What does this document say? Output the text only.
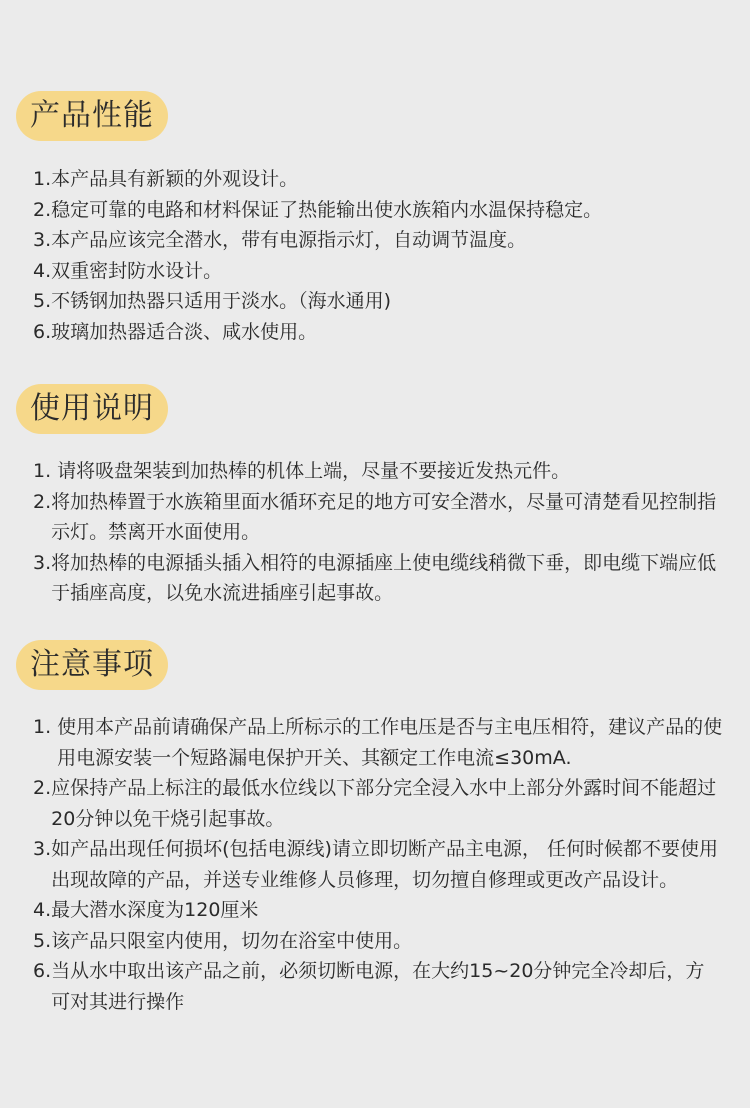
产品性能
1. 本产品具有新颖的外观设计。
2. 稳定可靠的电路和材料保证了热能输出使水族箱内水温保持稳定。
3. 本产品应该完全潜水，带有电源指示灯，自动调节温度。
4. 双重密封防水设计。
5. 不锈钢加热器只适用于淡水。（海水通用)
6. 玻璃加热器适合淡、咸水使用。
使用说明
1. 请将吸盘架装到加热棒的机体上端，尽量不要接近发热元件。
2. 将加热棒置于水族箱里面水循环充足的地方可安全潜水，尽量可清楚看见控制指示灯。禁离开水面使用。
3. 将加热棒的电源插头插入相符的电源插座上使电缆线稍微下垂，即电缆下端应低于插座高度，以免水流进插座引起事故。
注意事项
1. 使用本产品前请确保产品上所标示的工作电压是否与主电压相符，建议产品的使用电源安装一个短路漏电保护开关、其额定工作电流≤30mA.
2. 应保持产品上标注的最低水位线以下部分完全浸入水中上部分外露时间不能超过20分钟以免干烧引起事故。
3. 如产品出现任何损坏(包括电源线)请立即切断产品主电源， 任何时候都不要使用出现故障的产品，并送专业维修人员修理，切勿擅自修理或更改产品设计。
4. 最大潜水深度为120厘米
5. 该产品只限室内使用，切勿在浴室中使用。
6. 当从水中取出该产品之前，必须切断电源，在大约15~20分钟完全冷却后，方可对其进行操作
